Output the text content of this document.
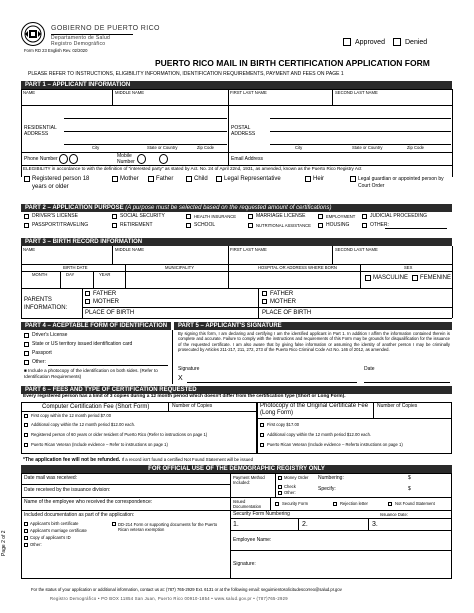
GOBIERNO DE PUERTO RICO
Departamento de Salud
Registro Demográfico
Form RD 23 English Rev. 02/2020
Approved	Denied
PUERTO RICO MAIL IN BIRTH CERTIFICATION APPLICATION FORM
PLEASE REFER TO INSTRUCTIONS, ELIGIBILITY INFORMATION, IDENTIFICATION REQUIREMENTS, PAYMENT AND FEES ON PAGE 1
PART 1 – APPLICANT INFORMATION
NAME	MIDDLE NAME	FIRST LAST NAME	SECOND LAST NAME
RESIDENTIAL ADDRESS
POSTAL ADDRESS
City	State or Country	Zip Code	City	State or Country	Zip Code
Phone Number	Mobile Number	Email Address
ELEGIBILITY in accordance to with the definition of "interested party" as stated by Act. No. 24 of April 22nd, 1931, as amended, known as the Puerto Rico Registry Act
Registered person 18 years or older
Mother	Father	Child	Legal Representative	Heir	Legal guardian or appointed person by Court Order
PART 2 – APPLICATION PURPOSE (A purpose must be selected based on the requested amount of certifications)
DRIVER'S LICENSE	SOCIAL SECURITY	HEALTH INSURANCE	MARRIAGE LICENSE	EMPLOYMENT	JUDICIAL PROCEEDING
PASSPORT/TRAVELING	RETIREMENT	SCHOOL	NUTRITIONAL ASSISTANCE	HOUSING	OTHER:
PART 3 – BIRTH RECORD INFORMATION
NAME	MIDDLE NAME	FIRST LAST NAME	SECOND LAST NAME
BIRTH DATE	MUNICIPALITY	HOSPITAL OR ADDRESS WHERE BORN	SEX
MONTH	DAY	YEAR
MASCULINE FEMENINE
PARENTS INFORMATION:
FATHER
MOTHER
PLACE OF BIRTH
FATHER
MOTHER
PLACE OF BIRTH
PART 4 – ACEPTABLE FORM OF IDENTIFICATION	PART 5 – APPLICANT'S SIGNATURE
Driver's License
State or US territory issued identification card
Passport
Other:
■ Include a photocopy of the identification on both sides. (Refer to Identification Requirements)
By signing this form, I am declaring and certifying I am the identified applicant in Part 1. In addition I affirm the information contained therein is complete and accurate. Failure to comply with the instructions and requirements of this Form may be grounds for disqualification for the issuance of the requested certificate. I am also aware that by giving false information or assuming the identity of another person I may be criminally prosecuted by Articles 211-217, 211, 272, 273 of the Puerto Rico Criminal Code Act No. 146 of 2012, as amended.
Signature	Date
X
PART 6 – FEES AND TYPE OF CERTIFICATION REQUESTED
Every registered person has a limit of 3 copies during a 12 month period which doesn't differ from the certification type (Short or Long Form).
Computer Certification Fee (Short Form)	Number of Copies
First copy within the 12 month period $7.00
Additional copy within the 12 month period $12.00 each.
Registered person of 60 years or older resident of Puerto Rico (Refer to instructions on page 1)
Puerto Rican Veteran (Include evidence – Refer to instructions on page 1)
Photocopy of the Original Certificate Fee (Long Form)
Number of Copies
First copy $17.00
Additional copy within the 12 month period $12.00 each.
Puerto Rican Veteran (Include evidence – Referto instructions on page 1)
*The application fee will not be refunded. If a record isn't found a certified Not Found Statement will be issued
FOR OFFICIAL USE OF THE DEMOGRAPHIC REGISTRY ONLY
Date mail was received:
Date received by the issuance division:
Name of the employee who received the correspondence:
Included documentation as part of the application:
Applicant's birth certificate
Applicant's marriage certificate
Copy of applicant's ID
Other:
DD-214 Form or supporting documents for the Puerto Rican veteran exemption
Payment Method Included:
Money Order
Check
Other:
Numbering:	$
Specify:	$
Issued Documentation
Security Form	Rejection letter	Not Found Statement
Security Form Numbering	Issuance Date:
1.	2.	3.
Employee Name:
Signature:
Page 2 of 2
For the status of your application or additional information, contact us at: (787) 765-2929 Ext. 6131 or at the following email: seguimientosolicitudescorreo@salud.pr.gov
Registro Demográfico • PO BOX 11854 San Juan, Puerto Rico 00910-1854 • www.salud.gov.pr • (787)765-2929
